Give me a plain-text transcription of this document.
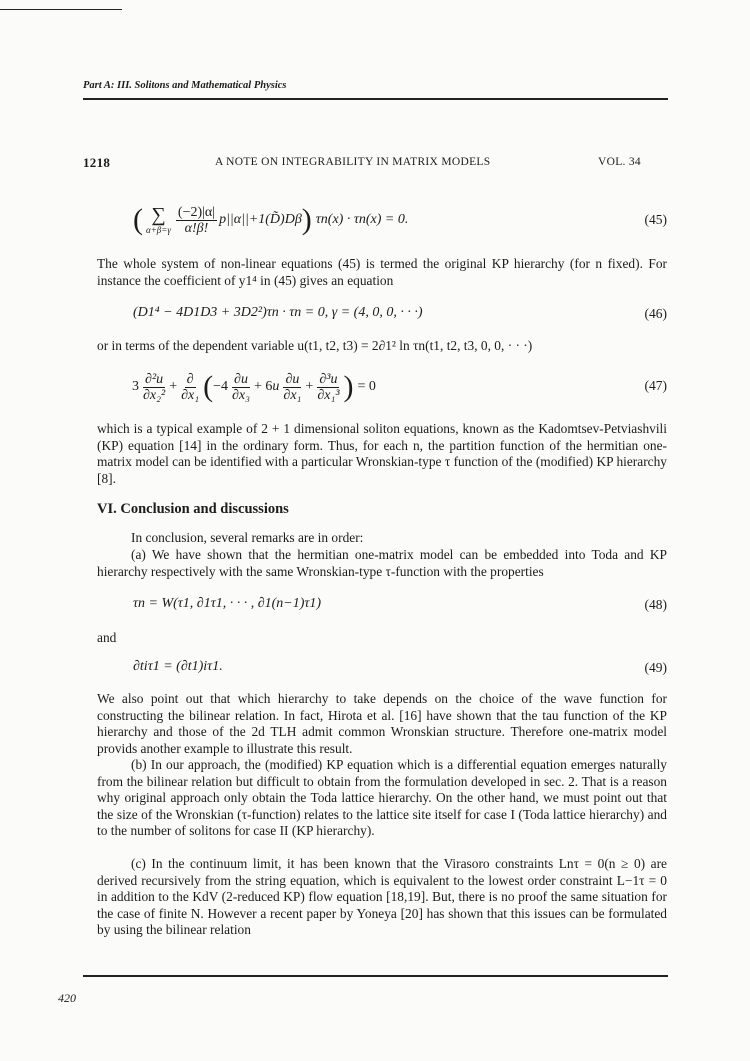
Part A: III. Solitons and Mathematical Physics
1218	A NOTE ON INTEGRABILITY IN MATRIX MODELS	VOL. 34
( ∑
$\alpha+\beta=\gamma \frac{(-2)|\alpha|}{\alpha!\beta!}$ p||α||+1(D̃)Dβ ) τn(x) · τn(x) = 0.	(45)
The whole system of non-linear equations (45) is termed the original KP hierarchy (for n fixed). For instance the coefficient of y1⁴ in (45) gives an equation
(D1⁴ − 4D1D3 + 3D2²)τn · τn = 0, γ = (4, 0, 0, · · ·)	(46)
or in terms of the dependent variable u(t1, t2, t3) = 2∂1² ln τn(t1, t2, t3, 0, 0, · · ·)
$3 \frac{\text{∂²u}}{\text{∂x₂²}} + \frac{\partial}{\text{∂x₁}}$ ( $-4 \frac{\partial u}{\text{∂x₃}} + 6u \frac{\partial u}{\text{∂x₁}} + \frac{\text{∂³u}}{\text{∂x₁³}}$ ) = 0	(47)
which is a typical example of 2 + 1 dimensional soliton equations, known as the Kadomtsev-Petviashvili (KP) equation [14] in the ordinary form. Thus, for each n, the partition function of the hermitian one-matrix model can be identified with a particular Wronskian-type τ function of the (modified) KP hierarchy [8].
VI. Conclusion and discussions
In conclusion, several remarks are in order:
(a) We have shown that the hermitian one-matrix model can be embedded into Toda and KP hierarchy respectively with the same Wronskian-type τ-function with the properties
τn = W(τ1, ∂1τ1, · · · , ∂1(n−1)τ1)	(48)
and
∂tiτ1 = (∂t1)iτ1.	(49)
We also point out that which hierarchy to take depends on the choice of the wave function for constructing the bilinear relation. In fact, Hirota et al. [16] have shown that the tau function of the KP hierarchy and those of the 2d TLH admit common Wronskian structure. Therefore one-matrix model provids another example to illustrate this result.
(b) In our approach, the (modified) KP equation which is a differential equation emerges naturally from the bilinear relation but difficult to obtain from the formulation developed in sec. 2. That is a reason why original approach only obtain the Toda lattice hierarchy. On the other hand, we must point out that the size of the Wronskian (τ-function) relates to the lattice site itself for case I (Toda lattice hierarchy) and to the number of solitons for case II (KP hierarchy).
(c) In the continuum limit, it has been known that the Virasoro constraints Lnτ = 0(n ≥ 0) are derived recursively from the string equation, which is equivalent to the lowest order constraint L−1τ = 0 in addition to the KdV (2-reduced KP) flow equation [18,19]. But, there is no proof the same situation for the case of finite N. However a recent paper by Yoneya [20] has shown that this issues can be formulated by using the bilinear relation
420
